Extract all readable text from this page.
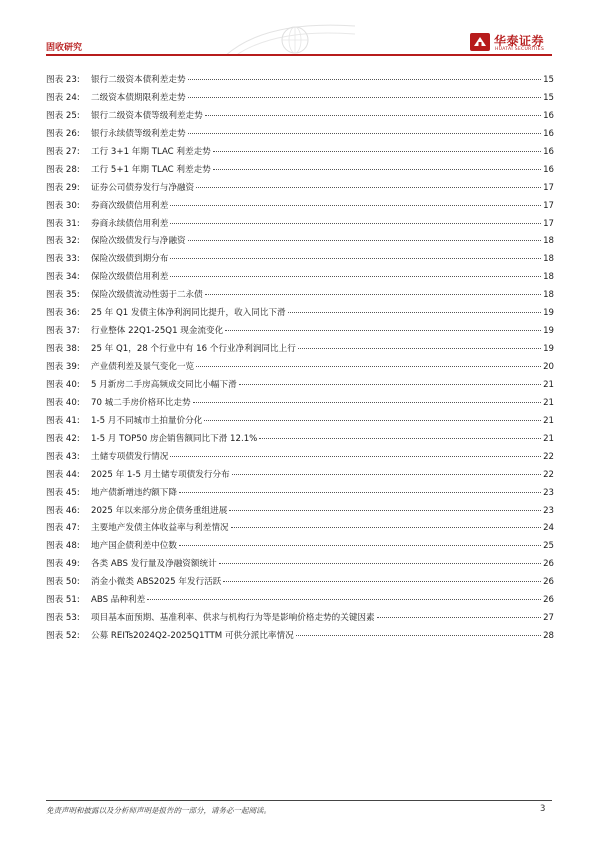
固收研究	华泰证券
HUATAI SECURITIES
图表 23:	银行二级资本债利差走势	15
图表 24:	二级资本债期限利差走势	15
图表 25:	银行二级资本债等级利差走势	16
图表 26:	银行永续债等级利差走势	16
图表 27:	工行 3+1 年期 TLAC 利差走势	16
图表 28:	工行 5+1 年期 TLAC 利差走势	16
图表 29:	证券公司债券发行与净融资	17
图表 30:	券商次级债信用利差	17
图表 31:	券商永续债信用利差	17
图表 32:	保险次级债发行与净融资	18
图表 33:	保险次级债到期分布	18
图表 34:	保险次级债信用利差	18
图表 35:	保险次级债流动性弱于二永债	18
图表 36:	25 年 Q1 发债主体净利润同比提升，收入同比下滑	19
图表 37:	行业整体 22Q1-25Q1 现金流变化	19
图表 38:	25 年 Q1，28 个行业中有 16 个行业净利润同比上行	19
图表 39:	产业债利差及景气变化一览	20
图表 40:	5 月新房二手房高频成交同比小幅下滑	21
图表 40:	70 城二手房价格环比走势	21
图表 41:	1-5 月不同城市土拍量价分化	21
图表 42:	1-5 月 TOP50 房企销售额同比下滑 12.1%	21
图表 43:	土储专项债发行情况	22
图表 44:	2025 年 1-5 月土储专项债发行分布	22
图表 45:	地产债新增违约额下降	23
图表 46:	2025 年以来部分房企债务重组进展	23
图表 47:	主要地产发债主体收益率与利差情况	24
图表 48:	地产国企债利差中位数	25
图表 49:	各类 ABS 发行量及净融资额统计	26
图表 50:	消金小微类 ABS2025 年发行活跃	26
图表 51:	ABS 品种利差	26
图表 53:	项目基本面预期、基准利率、供求与机构行为等是影响价格走势的关键因素	27
图表 52:	公募 REITs2024Q2-2025Q1TTM 可供分派比率情况	28
免责声明和披露以及分析师声明是报告的一部分，请务必一起阅读。	3
